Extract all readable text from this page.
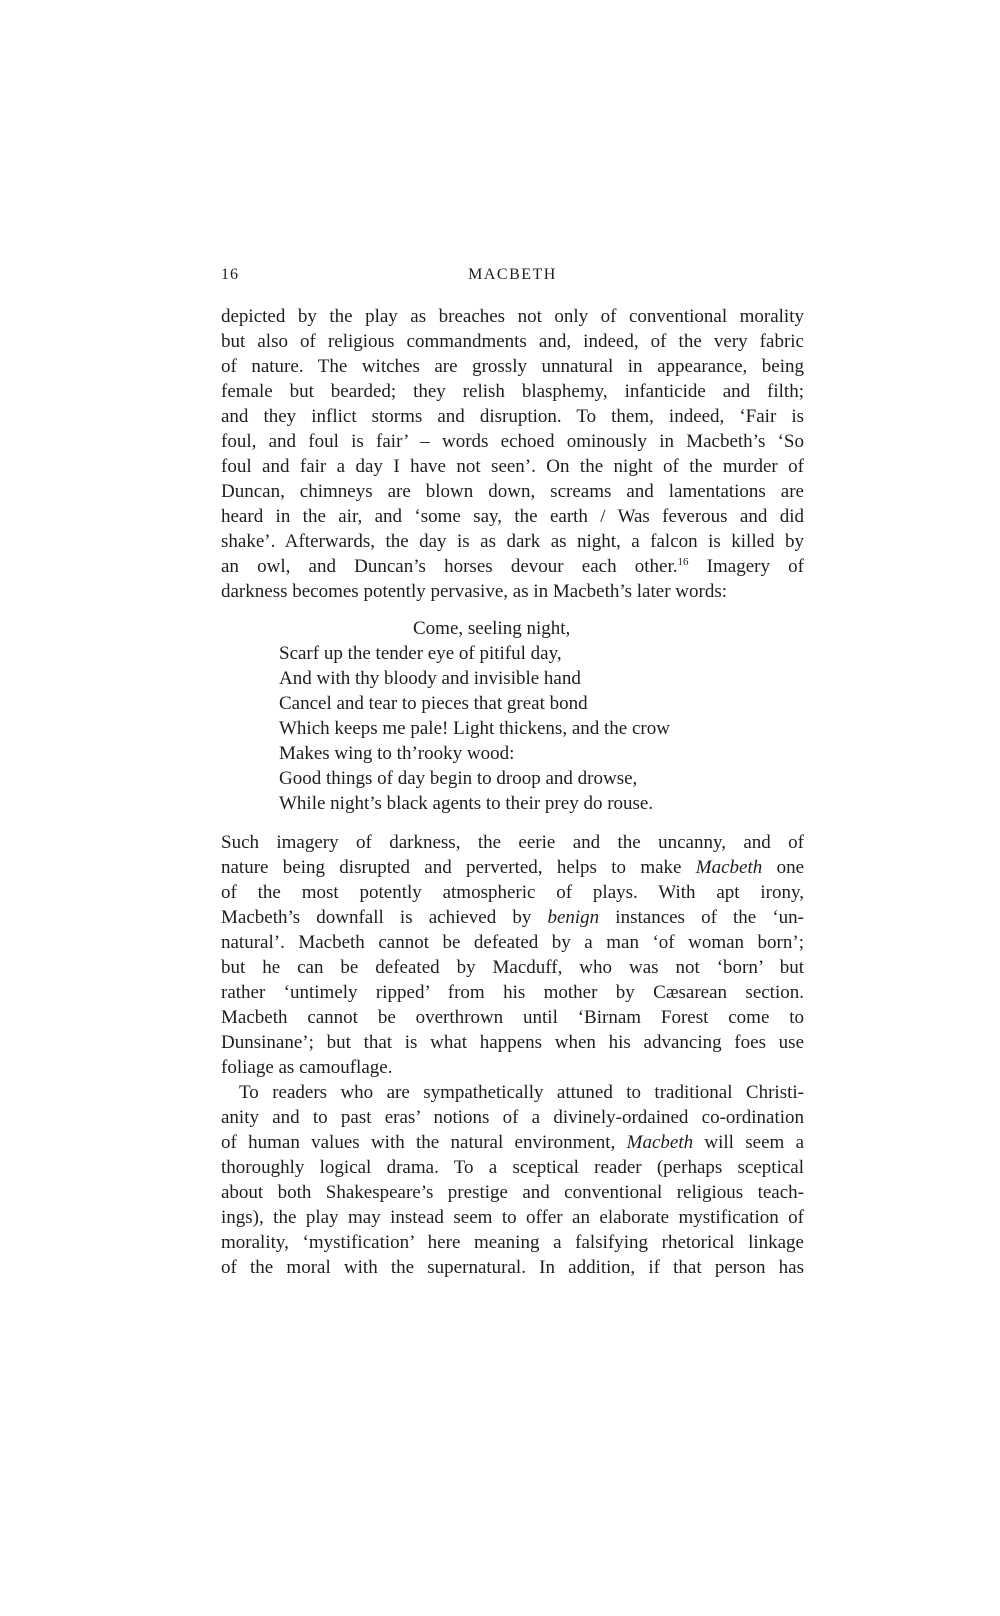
16	MACBETH

depicted by the play as breaches not only of conventional morality
but also of religious commandments and, indeed, of the very fabric
of nature. The witches are grossly unnatural in appearance, being
female but bearded; they relish blasphemy, infanticide and filth;
and they inflict storms and disruption. To them, indeed, ‘Fair is
foul, and foul is fair’ – words echoed ominously in Macbeth’s ‘So
foul and fair a day I have not seen’. On the night of the murder of
Duncan, chimneys are blown down, screams and lamentations are
heard in the air, and ‘some say, the earth / Was feverous and did
shake’. Afterwards, the day is as dark as night, a falcon is killed by
an owl, and Duncan’s horses devour each other.$^{16}$ Imagery of
darkness becomes potently pervasive, as in Macbeth’s later words:

Come, seeling night,
Scarf up the tender eye of pitiful day,
And with thy bloody and invisible hand
Cancel and tear to pieces that great bond
Which keeps me pale! Light thickens, and the crow
Makes wing to th’rooky wood:
Good things of day begin to droop and drowse,
While night’s black agents to their prey do rouse.

Such imagery of darkness, the eerie and the uncanny, and of
nature being disrupted and perverted, helps to make Macbeth one
of the most potently atmospheric of plays. With apt irony,
Macbeth’s downfall is achieved by benign instances of the ‘un-
natural’. Macbeth cannot be defeated by a man ‘of woman born’;
but he can be defeated by Macduff, who was not ‘born’ but
rather ‘untimely ripped’ from his mother by Cæsarean section.
Macbeth cannot be overthrown until ‘Birnam Forest come to
Dunsinane’; but that is what happens when his advancing foes use
foliage as camouflage.

To readers who are sympathetically attuned to traditional Christi-
anity and to past eras’ notions of a divinely-ordained co-ordination
of human values with the natural environment, Macbeth will seem a
thoroughly logical drama. To a sceptical reader (perhaps sceptical
about both Shakespeare’s prestige and conventional religious teach-
ings), the play may instead seem to offer an elaborate mystification of
morality, ‘mystification’ here meaning a falsifying rhetorical linkage
of the moral with the supernatural. In addition, if that person has
